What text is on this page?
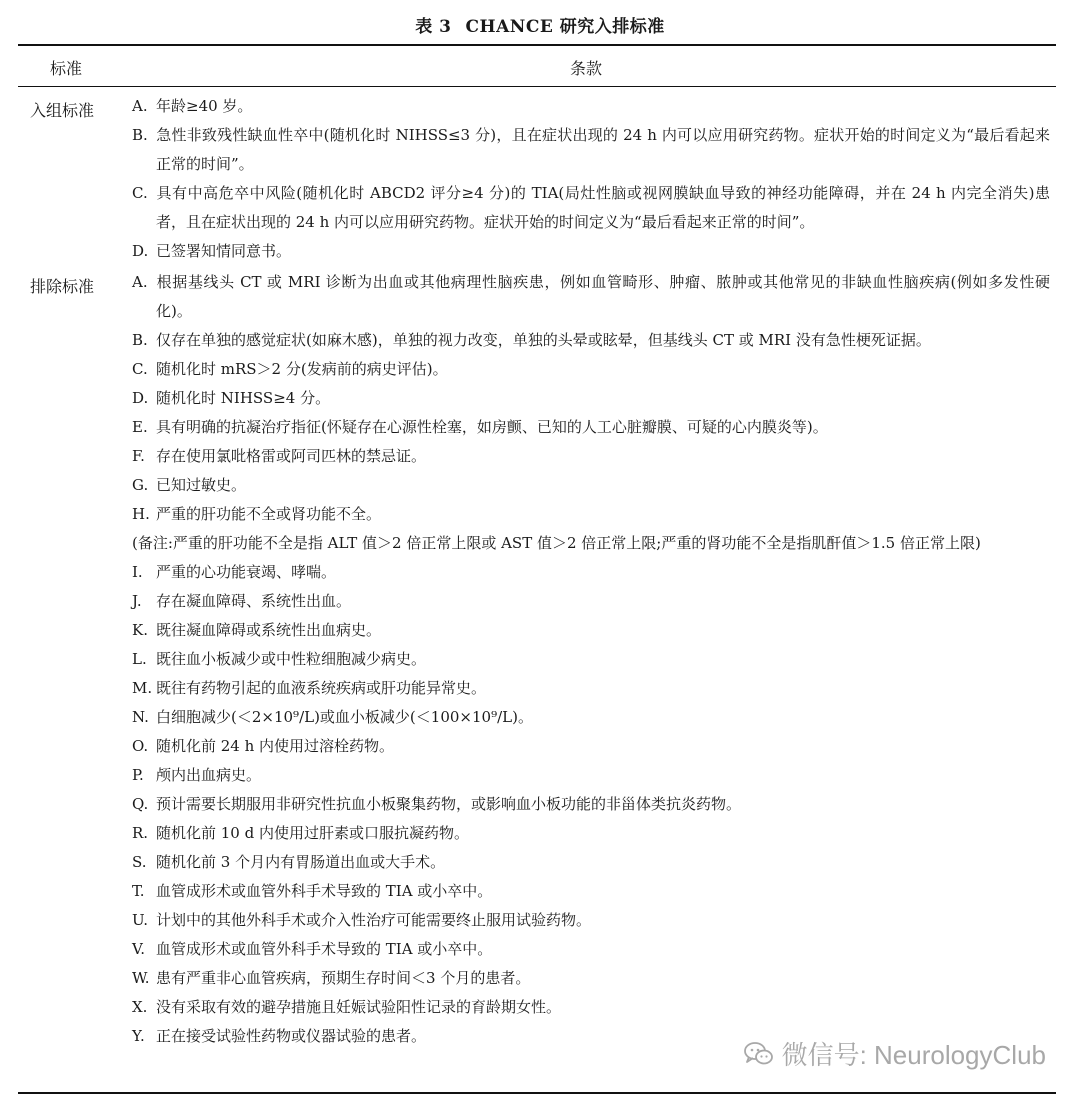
表 3 CHANCE 研究入排标准
标准	条款
入组标准	A. 年龄≥40 岁。

B. 急性非致残性缺血性卒中(随机化时 NIHSS≤3 分)，且在症状出现的 24 h 内可以应用研究药物。症状开始的时间定义为“最后看起来正常的时间”。

C. 具有中高危卒中风险(随机化时 ABCD2 评分≥4 分)的 TIA(局灶性脑或视网膜缺血导致的神经功能障碍，并在 24 h 内完全消失)患者，且在症状出现的 24 h 内可以应用研究药物。症状开始的时间定义为“最后看起来正常的时间”。

D. 已签署知情同意书。

排除标准	A. 根据基线头 CT 或 MRI 诊断为出血或其他病理性脑疾患，例如血管畸形、肿瘤、脓肿或其他常见的非缺血性脑疾病(例如多发性硬化)。

B. 仅存在单独的感觉症状(如麻木感)，单独的视力改变，单独的头晕或眩晕，但基线头 CT 或 MRI 没有急性梗死证据。

C. 随机化时 mRS＞2 分(发病前的病史评估)。

D. 随机化时 NIHSS≥4 分。

E. 具有明确的抗凝治疗指征(怀疑存在心源性栓塞，如房颤、已知的人工心脏瓣膜、可疑的心内膜炎等)。

F. 存在使用氯吡格雷或阿司匹林的禁忌证。

G. 已知过敏史。

H. 严重的肝功能不全或肾功能不全。

(备注:严重的肝功能不全是指 ALT 值＞2 倍正常上限或 AST 值＞2 倍正常上限;严重的肾功能不全是指肌酐值＞1.5 倍正常上限)

I. 严重的心功能衰竭、哮喘。

J. 存在凝血障碍、系统性出血。

K. 既往凝血障碍或系统性出血病史。

L. 既往血小板减少或中性粒细胞减少病史。

M. 既往有药物引起的血液系统疾病或肝功能异常史。

N. 白细胞减少(＜2×10⁹/L)或血小板减少(＜100×10⁹/L)。

O. 随机化前 24 h 内使用过溶栓药物。

P. 颅内出血病史。

Q. 预计需要长期服用非研究性抗血小板聚集药物，或影响血小板功能的非甾体类抗炎药物。

R. 随机化前 10 d 内使用过肝素或口服抗凝药物。

S. 随机化前 3 个月内有胃肠道出血或大手术。

T. 血管成形术或血管外科手术导致的 TIA 或小卒中。

U. 计划中的其他外科手术或介入性治疗可能需要终止服用试验药物。

V. 血管成形术或血管外科手术导致的 TIA 或小卒中。

W. 患有严重非心血管疾病，预期生存时间＜3 个月的患者。

X. 没有采取有效的避孕措施且妊娠试验阳性记录的育龄期女性。

Y. 正在接受试验性药物或仪器试验的患者。

微信号: NeurologyClub
